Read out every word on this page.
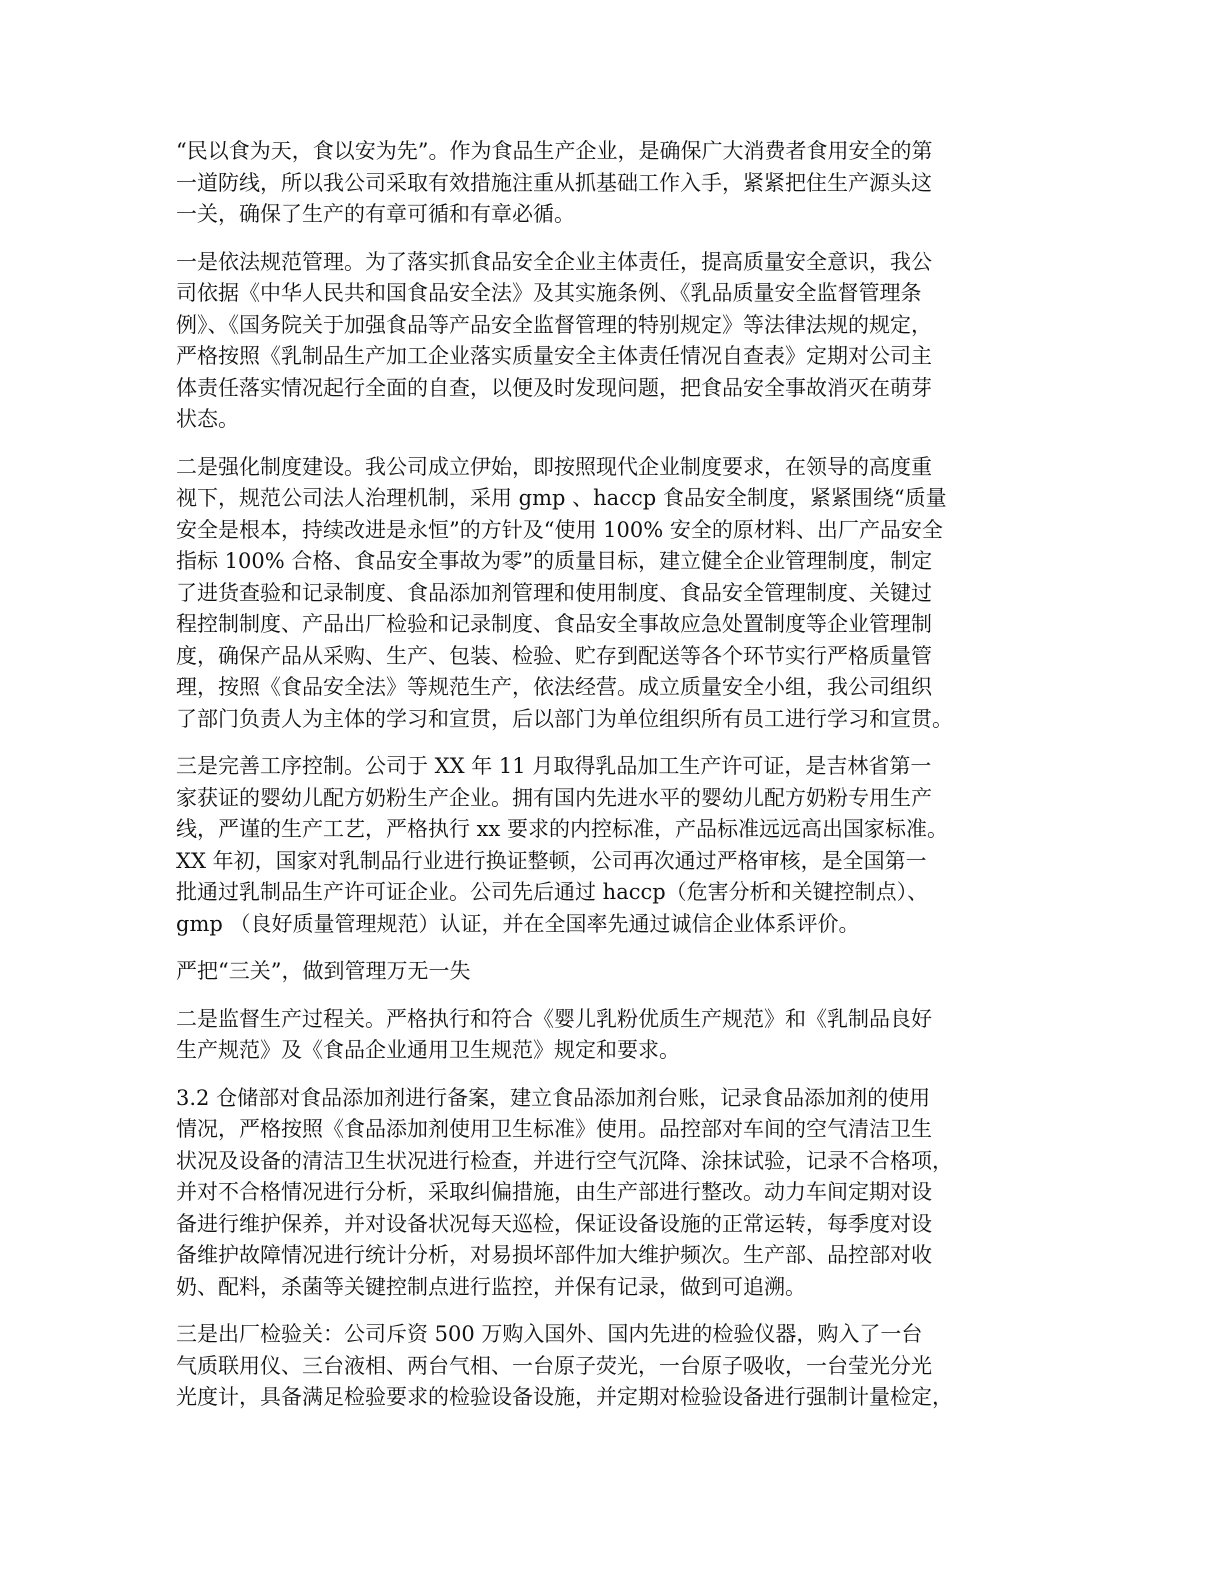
“民以食为天，食以安为先”。作为食品生产企业，是确保广大消费者食用安全的第
一道防线，所以我公司采取有效措施注重从抓基础工作入手，紧紧把住生产源头这
一关，确保了生产的有章可循和有章必循。

一是依法规范管理。为了落实抓食品安全企业主体责任，提高质量安全意识，我公
司依据《中华人民共和国食品安全法》及其实施条例、《乳品质量安全监督管理条
例》、《国务院关于加强食品等产品安全监督管理的特别规定》等法律法规的规定，
严格按照《乳制品生产加工企业落实质量安全主体责任情况自查表》定期对公司主
体责任落实情况起行全面的自查，以便及时发现问题，把食品安全事故消灭在萌芽
状态。

二是强化制度建设。我公司成立伊始，即按照现代企业制度要求，在领导的高度重
视下，规范公司法人治理机制，采用 gmp 、haccp 食品安全制度，紧紧围绕“质量
安全是根本，持续改进是永恒”的方针及“使用 100% 安全的原材料、出厂产品安全
指标 100% 合格、食品安全事故为零”的质量目标，建立健全企业管理制度，制定
了进货查验和记录制度、食品添加剂管理和使用制度、食品安全管理制度、关键过
程控制制度、产品出厂检验和记录制度、食品安全事故应急处置制度等企业管理制
度，确保产品从采购、生产、包装、检验、贮存到配送等各个环节实行严格质量管
理，按照《食品安全法》等规范生产，依法经营。成立质量安全小组，我公司组织
了部门负责人为主体的学习和宣贯，后以部门为单位组织所有员工进行学习和宣贯。

三是完善工序控制。公司于 XX 年 11 月取得乳品加工生产许可证，是吉林省第一
家获证的婴幼儿配方奶粉生产企业。拥有国内先进水平的婴幼儿配方奶粉专用生产
线，严谨的生产工艺，严格执行 xx 要求的内控标准，产品标准远远高出国家标准。
XX 年初，国家对乳制品行业进行换证整顿，公司再次通过严格审核，是全国第一
批通过乳制品生产许可证企业。公司先后通过 haccp（危害分析和关键控制点）、
gmp （良好质量管理规范）认证，并在全国率先通过诚信企业体系评价。

严把“三关”，做到管理万无一失

二是监督生产过程关。严格执行和符合《婴儿乳粉优质生产规范》和《乳制品良好
生产规范》及《食品企业通用卫生规范》规定和要求。

3.2 仓储部对食品添加剂进行备案，建立食品添加剂台账，记录食品添加剂的使用
情况，严格按照《食品添加剂使用卫生标准》使用。品控部对车间的空气清洁卫生
状况及设备的清洁卫生状况进行检查，并进行空气沉降、涂抹试验，记录不合格项，
并对不合格情况进行分析，采取纠偏措施，由生产部进行整改。动力车间定期对设
备进行维护保养，并对设备状况每天巡检，保证设备设施的正常运转，每季度对设
备维护故障情况进行统计分析，对易损坏部件加大维护频次。生产部、品控部对收
奶、配料，杀菌等关键控制点进行监控，并保有记录，做到可追溯。

三是出厂检验关：公司斥资 500 万购入国外、国内先进的检验仪器，购入了一台
气质联用仪、三台液相、两台气相、一台原子荧光，一台原子吸收，一台莹光分光
光度计，具备满足检验要求的检验设备设施，并定期对检验设备进行强制计量检定，
